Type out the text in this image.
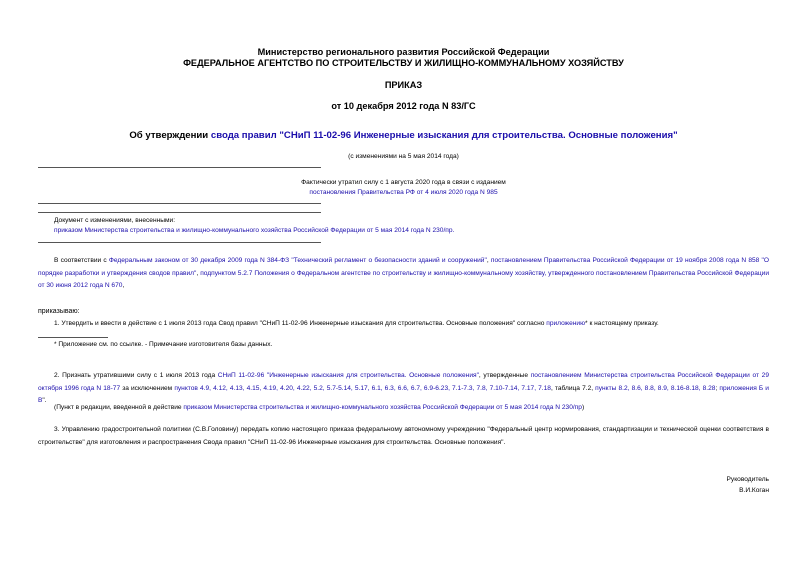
Министерство регионального развития Российской Федерации
ФЕДЕРАЛЬНОЕ АГЕНТСТВО ПО СТРОИТЕЛЬСТВУ И ЖИЛИЩНО-КОММУНАЛЬНОМУ ХОЗЯЙСТВУ
ПРИКАЗ
от 10 декабря 2012 года N 83/ГС
Об утверждении свода правил "СНиП 11-02-96 Инженерные изыскания для строительства. Основные положения"
(с изменениями на 5 мая 2014 года)
Фактически утратил силу с 1 августа 2020 года в связи с изданием
постановления Правительства РФ от 4 июля 2020 года N 985
Документ с изменениями, внесенными:
приказом Министерства строительства и жилищно-коммунального хозяйства Российской Федерации от 5 мая 2014 года N 230/пр.
В соответствии с Федеральным законом от 30 декабря 2009 года N 384-ФЗ "Технический регламент о безопасности зданий и сооружений", постановлением Правительства Российской Федерации от 19 ноября 2008 года N 858 "О порядке разработки и утверждения сводов правил", подпунктом 5.2.7 Положения о Федеральном агентстве по строительству и жилищно-коммунальному хозяйству, утвержденного постановлением Правительства Российской Федерации от 30 июня 2012 года N 670,
приказываю:
1. Утвердить и ввести в действие с 1 июля 2013 года Свод правил "СНиП 11-02-96 Инженерные изыскания для строительства. Основные положения" согласно приложению* к настоящему приказу.
* Приложение см. по ссылке. - Примечание изготовителя базы данных.
2. Признать утратившими силу с 1 июля 2013 года СНиП 11-02-96 "Инженерные изыскания для строительства. Основные положения", утвержденные постановлением Министерства строительства Российской Федерации от 29 октября 1996 года N 18-77 за исключением пунктов 4.9, 4.12, 4.13, 4.15, 4.19, 4.20, 4.22, 5.2, 5.7-5.14, 5.17, 6.1, 6.3, 6.6, 6.7, 6.9-6.23, 7.1-7.3, 7.8, 7.10-7.14, 7.17, 7.18, таблица 7.2, пункты 8.2, 8.6, 8.8, 8.9, 8.16-8.18, 8.28; приложения Б и В".
(Пункт в редакции, введенной в действие приказом Министерства строительства и жилищно-коммунального хозяйства Российской Федерации от 5 мая 2014 года N 230/пр)
3. Управлению градостроительной политики (С.В.Головину) передать копию настоящего приказа федеральному автономному учреждению "Федеральный центр нормирования, стандартизации и технической оценки соответствия в строительстве" для изготовления и распространения Свода правил "СНиП 11-02-96 Инженерные изыскания для строительства. Основные положения".
Руководитель
В.И.Коган
